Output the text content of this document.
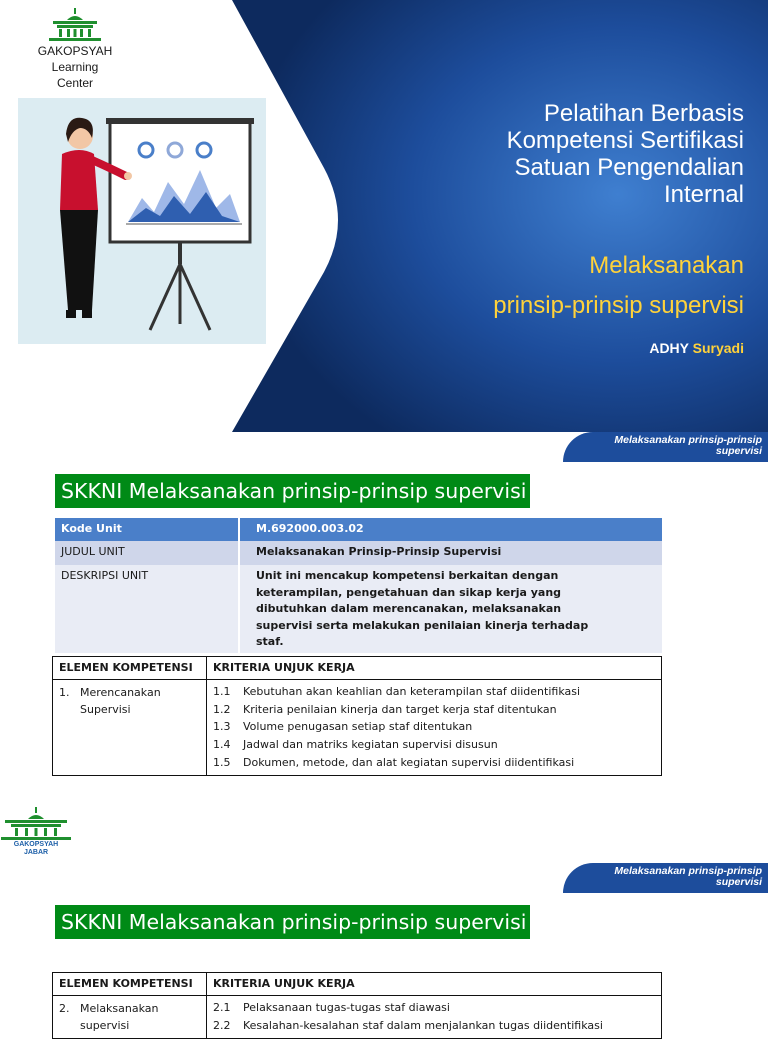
GAKOPSYAH
Learning
Center
Pelatihan Berbasis
Kompetensi Sertifikasi
Satuan Pengendalian
Internal
Melaksanakan
prinsip-prinsip supervisi
ADHY Suryadi
Melaksanakan prinsip-prinsip
supervisi
SKKNI Melaksanakan prinsip-prinsip supervisi
Kode Unit	M.692000.003.02
JUDUL UNIT	Melaksanakan Prinsip-Prinsip Supervisi
DESKRIPSI UNIT	Unit ini mencakup kompetensi berkaitan dengan
keterampilan, pengetahuan dan sikap kerja yang
dibutuhkan dalam merencanakan, melaksanakan
supervisi serta melakukan penilaian kinerja terhadap
staf.
ELEMEN KOMPETENSI	KRITERIA UNJUK KERJA
1. Merencanakan
Supervisi
1.1	Kebutuhan akan keahlian dan keterampilan staf diidentifikasi
1.2	Kriteria penilaian kinerja dan target kerja staf ditentukan
1.3	Volume penugasan setiap staf ditentukan
1.4	Jadwal dan matriks kegiatan supervisi disusun
1.5	Dokumen, metode, dan alat kegiatan supervisi diidentifikasi
GAKOPSYAH
JABAR
Melaksanakan prinsip-prinsip
supervisi
SKKNI Melaksanakan prinsip-prinsip supervisi
ELEMEN KOMPETENSI	KRITERIA UNJUK KERJA
2. Melaksanakan
supervisi
2.1	Pelaksanaan tugas-tugas staf diawasi
2.2	Kesalahan-kesalahan staf dalam menjalankan tugas diidentifikasi
